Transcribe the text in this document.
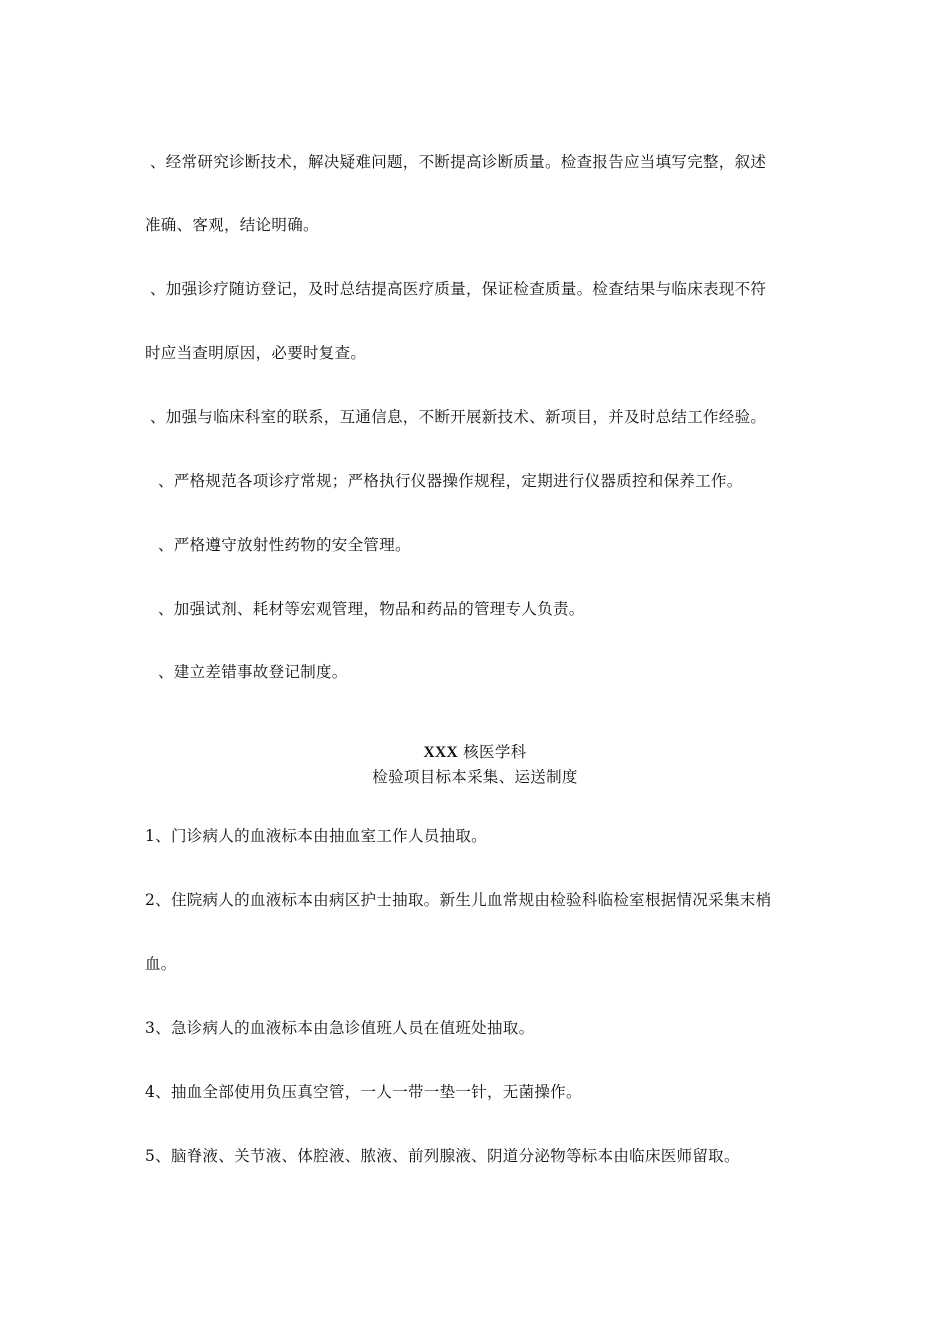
、经常研究诊断技术，解决疑难问题，不断提高诊断质量。检查报告应当填写完整，叙述
准确、客观，结论明确。
、加强诊疗随访登记，及时总结提高医疗质量，保证检查质量。检查结果与临床表现不符
时应当查明原因，必要时复查。
、加强与临床科室的联系，互通信息，不断开展新技术、新项目，并及时总结工作经验。
、严格规范各项诊疗常规；严格执行仪器操作规程，定期进行仪器质控和保养工作。
、严格遵守放射性药物的安全管理。
、加强试剂、耗材等宏观管理，物品和药品的管理专人负责。
、建立差错事故登记制度。
XXX 核医学科
检验项目标本采集、运送制度
1、门诊病人的血液标本由抽血室工作人员抽取。
2、住院病人的血液标本由病区护士抽取。新生儿血常规由检验科临检室根据情况采集末梢
血。
3、急诊病人的血液标本由急诊值班人员在值班处抽取。
4、抽血全部使用负压真空管，一人一带一垫一针，无菌操作。
5、脑脊液、关节液、体腔液、脓液、前列腺液、阴道分泌物等标本由临床医师留取。
